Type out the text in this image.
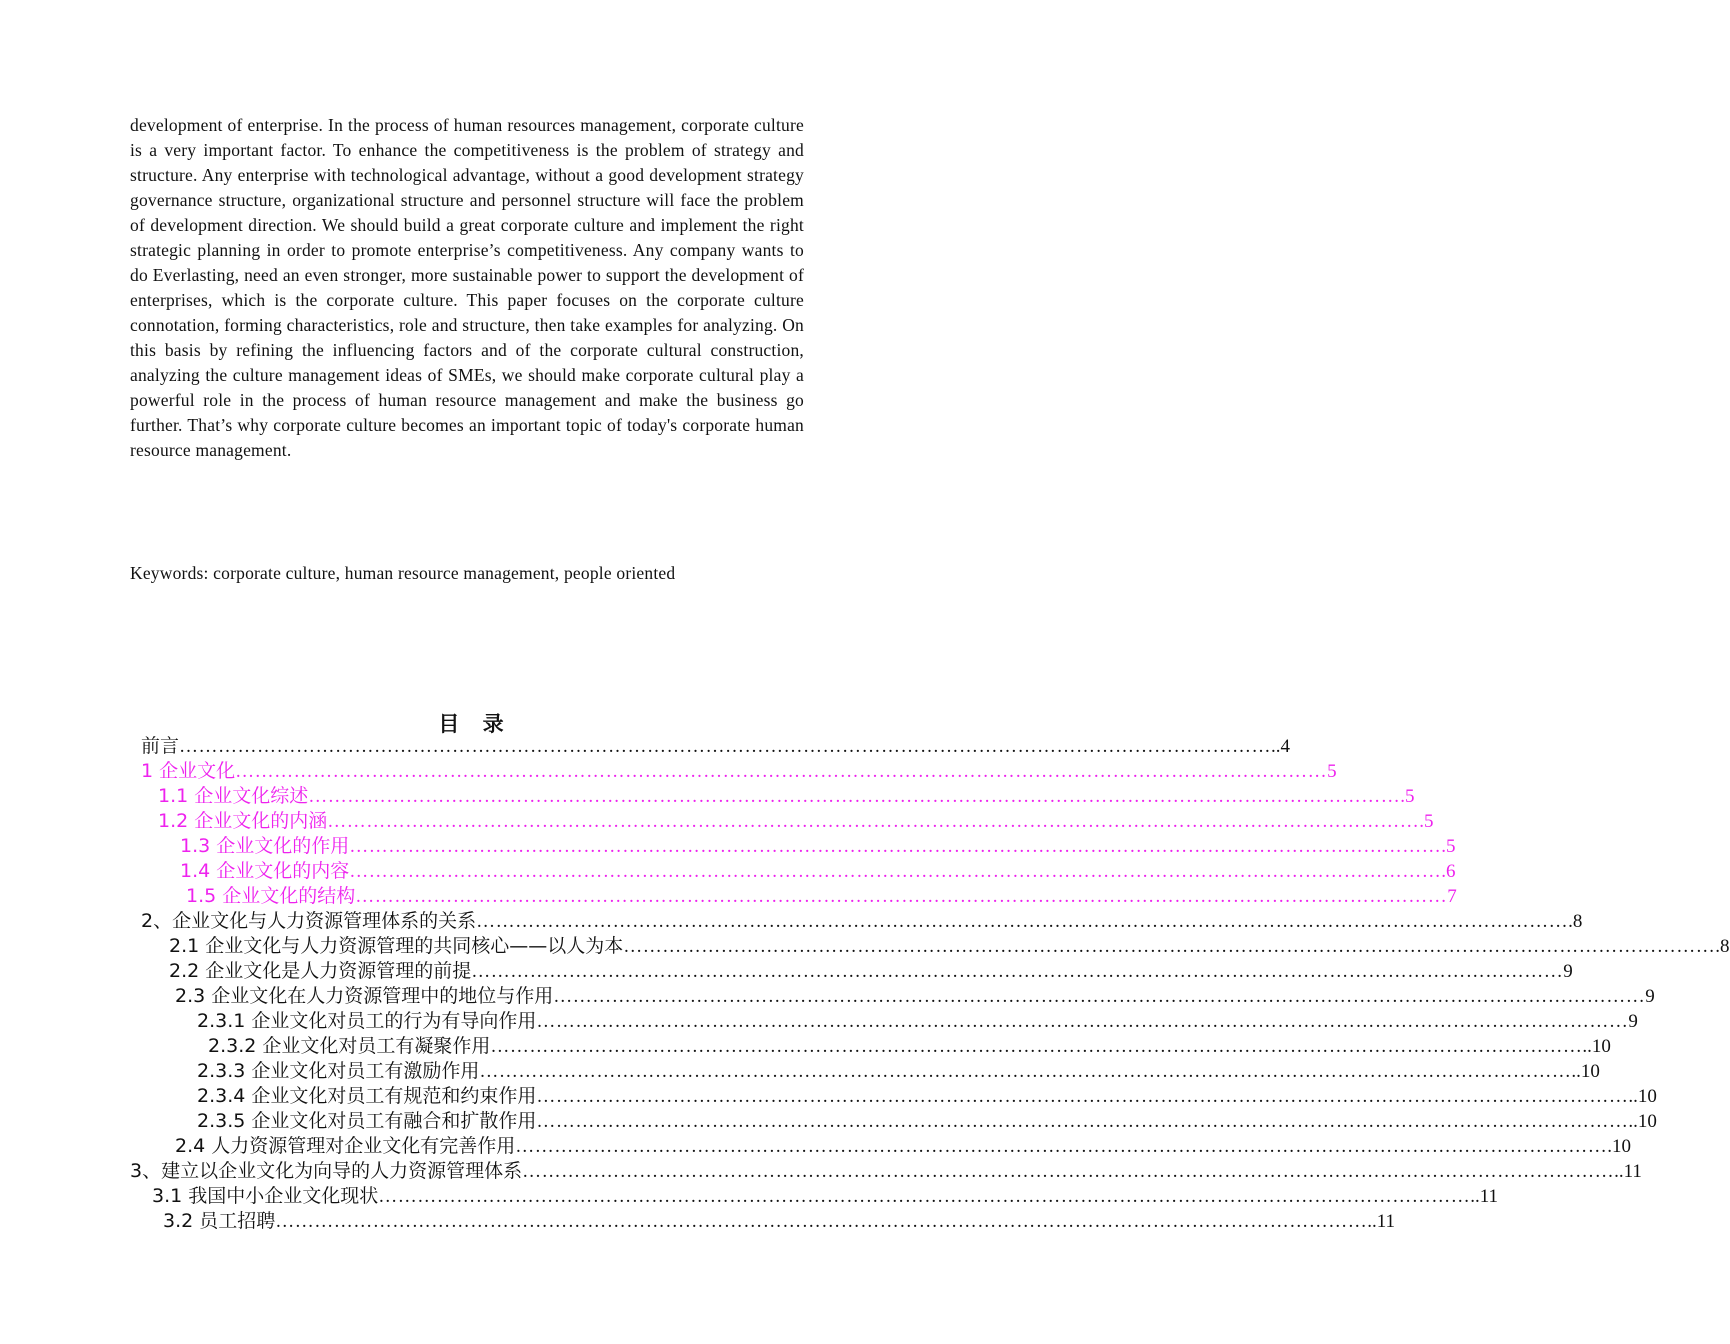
development of enterprise. In the process of human resources management, corporate culture is a very important factor. To enhance the competitiveness is the problem of strategy and structure. Any enterprise with technological advantage, without a good development strategy governance structure, organizational structure and personnel structure will face the problem of development direction. We should build a great corporate culture and implement the right strategic planning in order to promote enterprise’s competitiveness. Any company wants to do Everlasting, need an even stronger, more sustainable power to support the development of enterprises, which is the corporate culture. This paper focuses on the corporate culture connotation, forming characteristics, role and structure, then take examples for analyzing. On this basis by refining the influencing factors and of the corporate cultural construction, analyzing the culture management ideas of SMEs, we should make corporate cultural play a powerful role in the process of human resource management and make the business go further. That’s why corporate culture becomes an important topic of today's corporate human resource management.

Keywords: corporate culture, human resource management, people oriented

目 录
前言 …………………………………………………………………………………………………………………………………………………… ..4
1 企业文化 …………………………………………………………………………………………………………………………………………………… 5
1.1 企业文化综述 …………………………………………………………………………………………………………………………………………………… .5
1.2 企业文化的内涵 …………………………………………………………………………………………………………………………………………………… .5
1.3 企业文化的作用 …………………………………………………………………………………………………………………………………………………… .5
1.4 企业文化的内容 …………………………………………………………………………………………………………………………………………………… .6
1.5 企业文化的结构 …………………………………………………………………………………………………………………………………………………… 7
2、企业文化与人力资源管理体系的关系 …………………………………………………………………………………………………………………………………………………… .8
2.1 企业文化与人力资源管理的共同核心——以人为本 …………………………………………………………………………………………………………………………………………………… .8
2.2 企业文化是人力资源管理的前提 …………………………………………………………………………………………………………………………………………………… 9
2.3 企业文化在人力资源管理中的地位与作用 …………………………………………………………………………………………………………………………………………………… 9
2.3.1 企业文化对员工的行为有导向作用 …………………………………………………………………………………………………………………………………………………… 9
2.3.2 企业文化对员工有凝聚作用 …………………………………………………………………………………………………………………………………………………… ..10
2.3.3 企业文化对员工有激励作用 …………………………………………………………………………………………………………………………………………………… ..10
2.3.4 企业文化对员工有规范和约束作用 …………………………………………………………………………………………………………………………………………………… ..10
2.3.5 企业文化对员工有融合和扩散作用 …………………………………………………………………………………………………………………………………………………… ..10
2.4 人力资源管理对企业文化有完善作用 …………………………………………………………………………………………………………………………………………………… .10
3、建立以企业文化为向导的人力资源管理体系 …………………………………………………………………………………………………………………………………………………… ..11
3.1 我国中小企业文化现状 …………………………………………………………………………………………………………………………………………………… ..11
3.2 员工招聘 …………………………………………………………………………………………………………………………………………………… ..11
